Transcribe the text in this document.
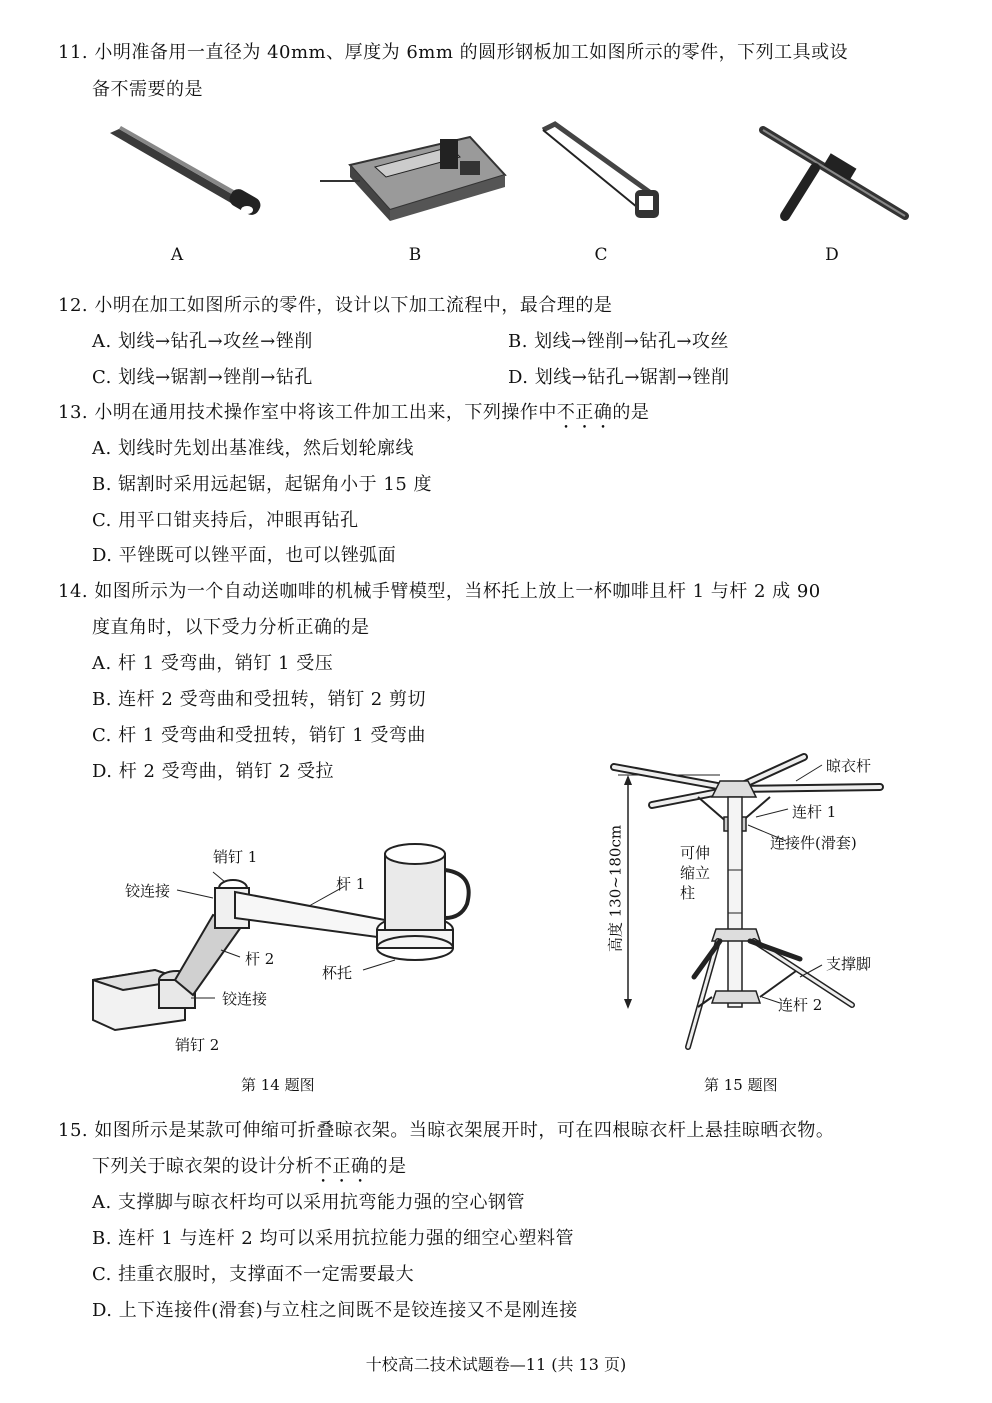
11. 小明准备用一直径为 40mm、厚度为 6mm 的圆形钢板加工如图所示的零件，下列工具或设
备不需要的是
A	B	C	D
12. 小明在加工如图所示的零件，设计以下加工流程中，最合理的是
A. 划线→钻孔→攻丝→锉削	B. 划线→锉削→钻孔→攻丝
C. 划线→锯割→锉削→钻孔	D. 划线→钻孔→锯割→锉削
13. 小明在通用技术操作室中将该工件加工出来，下列操作中不正确的是
A. 划线时先划出基准线，然后划轮廓线
B. 锯割时采用远起锯，起锯角小于 15 度
C. 用平口钳夹持后，冲眼再钻孔
D. 平锉既可以锉平面，也可以锉弧面
14. 如图所示为一个自动送咖啡的机械手臂模型，当杯托上放上一杯咖啡且杆 1 与杆 2 成 90
度直角时，以下受力分析正确的是
A. 杆 1 受弯曲，销钉 1 受压
B. 连杆 2 受弯曲和受扭转，销钉 2 剪切
C. 杆 1 受弯曲和受扭转，销钉 1 受弯曲
D. 杆 2 受弯曲，销钉 2 受拉
销钉 1
铰连接	杆 1
杆 2
杯托
铰连接
销钉 2
第 14 题图
晾衣杆
连杆 1
连接件(滑套)
可伸
缩立
柱
高度 130~180cm
支撑脚
连杆 2
第 15 题图
15. 如图所示是某款可伸缩可折叠晾衣架。当晾衣架展开时，可在四根晾衣杆上悬挂晾晒衣物。
下列关于晾衣架的设计分析不正确的是
A. 支撑脚与晾衣杆均可以采用抗弯能力强的空心钢管
B. 连杆 1 与连杆 2 均可以采用抗拉能力强的细空心塑料管
C. 挂重衣服时，支撑面不一定需要最大
D. 上下连接件(滑套)与立柱之间既不是铰连接又不是刚连接
十校高二技术试题卷—11 (共 13 页)
